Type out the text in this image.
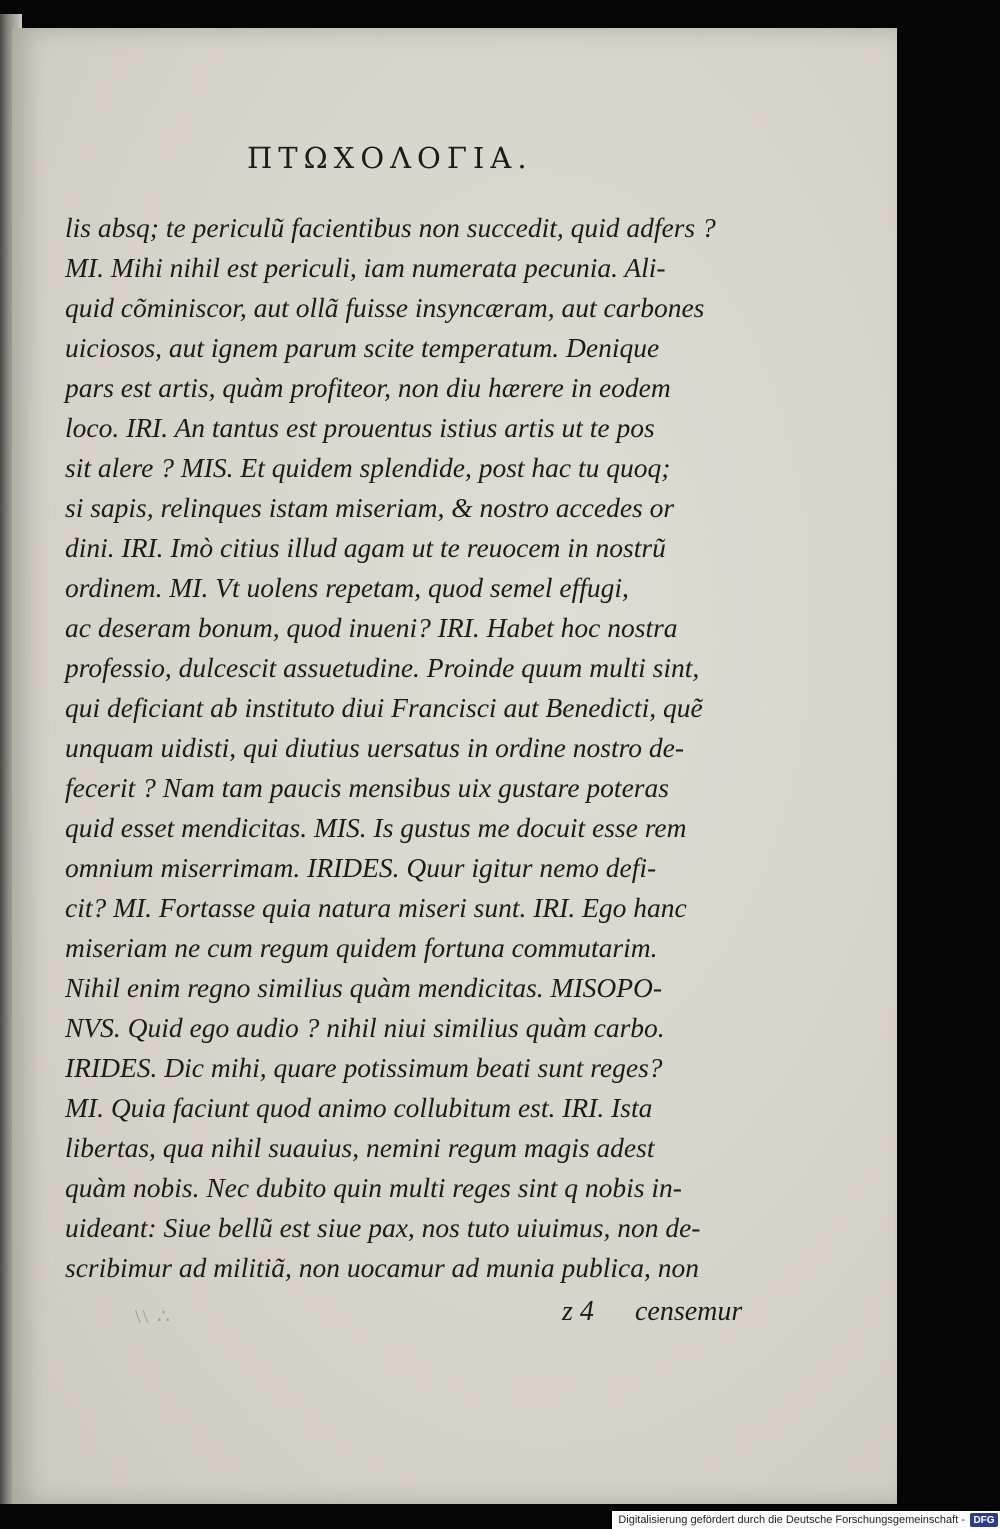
ΠΤΩΧΟΛΟΓΙΑ.
lis absq; te periculũ facientibus non succedit, quid adfers ?
MI. Mihi nihil est periculi, iam numerata pecunia. Ali-
quid cõminiscor, aut ollã fuisse insyncæram, aut carbones
uiciosos, aut ignem parum scite temperatum. Denique
pars est artis, quàm profiteor, non diu hærere in eodem
loco. IRI. An tantus est prouentus istius artis ut te pos
sit alere ? MIS. Et quidem splendide, post hac tu quoq;
si sapis, relinques istam miseriam, & nostro accedes or
dini. IRI. Imò citius illud agam ut te reuocem in nostrũ
ordinem. MI. Vt uolens repetam, quod semel effugi,
ac deseram bonum, quod inueni? IRI. Habet hoc nostra
professio, dulcescit assuetudine. Proinde quum multi sint,
qui deficiant ab instituto diui Francisci aut Benedicti, quẽ
unquam uidisti, qui diutius uersatus in ordine nostro de-
fecerit ? Nam tam paucis mensibus uix gustare poteras
quid esset mendicitas. MIS. Is gustus me docuit esse rem
omnium miserrimam. IRIDES. Quur igitur nemo defi-
cit? MI. Fortasse quia natura miseri sunt. IRI. Ego hanc
miseriam ne cum regum quidem fortuna commutarim.
Nihil enim regno similius quàm mendicitas. MISOPO-
NVS. Quid ego audio ? nihil niui similius quàm carbo.
IRIDES. Dic mihi, quare potissimum beati sunt reges?
MI. Quia faciunt quod animo collubitum est. IRI. Ista
libertas, qua nihil suauius, nemini regum magis adest
quàm nobis. Nec dubito quin multi reges sint q nobis in-
uideant: Siue bellũ est siue pax, nos tuto uiuimus, non de-
scribimur ad militiã, non uocamur ad munia publica, non
\\ ∴	z 4 censemur
Digitalisierung gefördert durch die Deutsche Forschungsgemeinschaft - DFG
